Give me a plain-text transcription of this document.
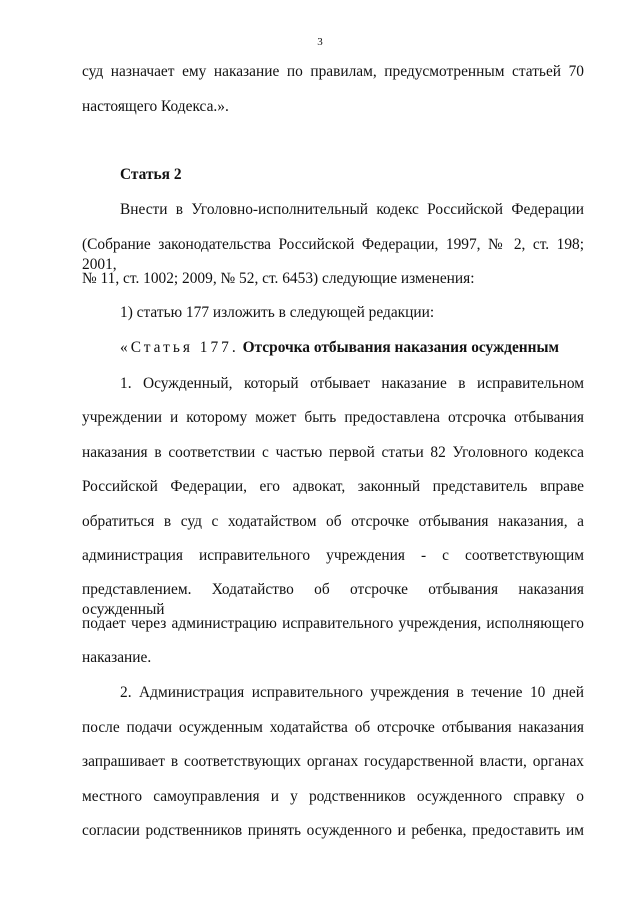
3
суд назначает ему наказание по правилам, предусмотренным статьей 70
настоящего Кодекса.».
Статья 2
Внести в Уголовно-исполнительный кодекс Российской Федерации
(Собрание законодательства Российской Федерации, 1997, № 2, ст. 198; 2001,
№ 11, ст. 1002; 2009, № 52, ст. 6453) следующие изменения:
1) статью 177 изложить в следующей редакции:
«Статья 177. Отсрочка отбывания наказания осужденным
1. Осужденный, который отбывает наказание в исправительном
учреждении и которому может быть предоставлена отсрочка отбывания
наказания в соответствии с частью первой статьи 82 Уголовного кодекса
Российской Федерации, его адвокат, законный представитель вправе
обратиться в суд с ходатайством об отсрочке отбывания наказания, а
администрация исправительного учреждения - с соответствующим
представлением. Ходатайство об отсрочке отбывания наказания осужденный
подает через администрацию исправительного учреждения, исполняющего
наказание.
2. Администрация исправительного учреждения в течение 10 дней
после подачи осужденным ходатайства об отсрочке отбывания наказания
запрашивает в соответствующих органах государственной власти, органах
местного самоуправления и у родственников осужденного справку о
согласии родственников принять осужденного и ребенка, предоставить им
